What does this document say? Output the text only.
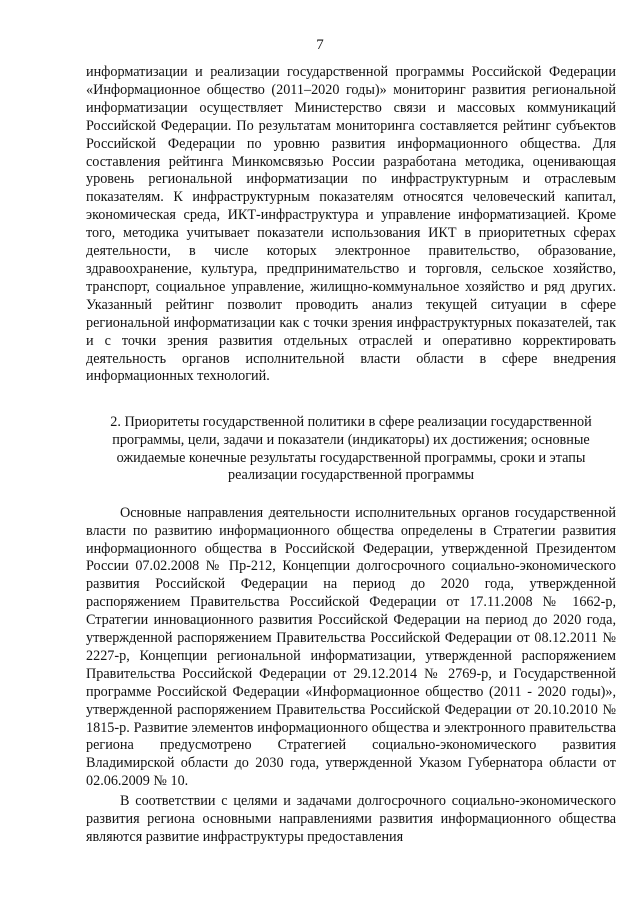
7

информатизации и реализации государственной программы Российской Федерации «Информационное общество (2011–2020 годы)» мониторинг развития региональной информатизации осуществляет Министерство связи и массовых коммуникаций Российской Федерации. По результатам мониторинга составляется рейтинг субъектов Российской Федерации по уровню развития информационного общества. Для составления рейтинга Минкомсвязью России разработана методика, оценивающая уровень региональной информатизации по инфраструктурным и отраслевым показателям. К инфраструктурным показателям относятся человеческий капитал, экономическая среда, ИКТ-инфраструктура и управление информатизацией. Кроме того, методика учитывает показатели использования ИКТ в приоритетных сферах деятельности, в числе которых электронное правительство, образование, здравоохранение, культура, предпринимательство и торговля, сельское хозяйство, транспорт, социальное управление, жилищно-коммунальное хозяйство и ряд других. Указанный рейтинг позволит проводить анализ текущей ситуации в сфере региональной информатизации как с точки зрения инфраструктурных показателей, так и с точки зрения развития отдельных отраслей и оперативно корректировать деятельность органов исполнительной власти области в сфере внедрения информационных технологий.

2. Приоритеты государственной политики в сфере реализации государственной программы, цели, задачи и показатели (индикаторы) их достижения; основные ожидаемые конечные результаты государственной программы, сроки и этапы реализации государственной программы

Основные направления деятельности исполнительных органов государственной власти по развитию информационного общества определены в Стратегии развития информационного общества в Российской Федерации, утвержденной Президентом России 07.02.2008 № Пр-212, Концепции долгосрочного социально-экономического развития Российской Федерации на период до 2020 года, утвержденной распоряжением Правительства Российской Федерации от 17.11.2008 № 1662-р, Стратегии инновационного развития Российской Федерации на период до 2020 года, утвержденной распоряжением Правительства Российской Федерации от 08.12.2011 № 2227-р, Концепции региональной информатизации, утвержденной распоряжением Правительства Российской Федерации от 29.12.2014 № 2769-р, и Государственной программе Российской Федерации «Информационное общество (2011 - 2020 годы)», утвержденной распоряжением Правительства Российской Федерации от 20.10.2010 № 1815-р. Развитие элементов информационного общества и электронного правительства региона предусмотрено Стратегией социально-экономического развития Владимирской области до 2030 года, утвержденной Указом Губернатора области от 02.06.2009 № 10.

В соответствии с целями и задачами долгосрочного социально-экономического развития региона основными направлениями развития информационного общества являются развитие инфраструктуры предоставления
